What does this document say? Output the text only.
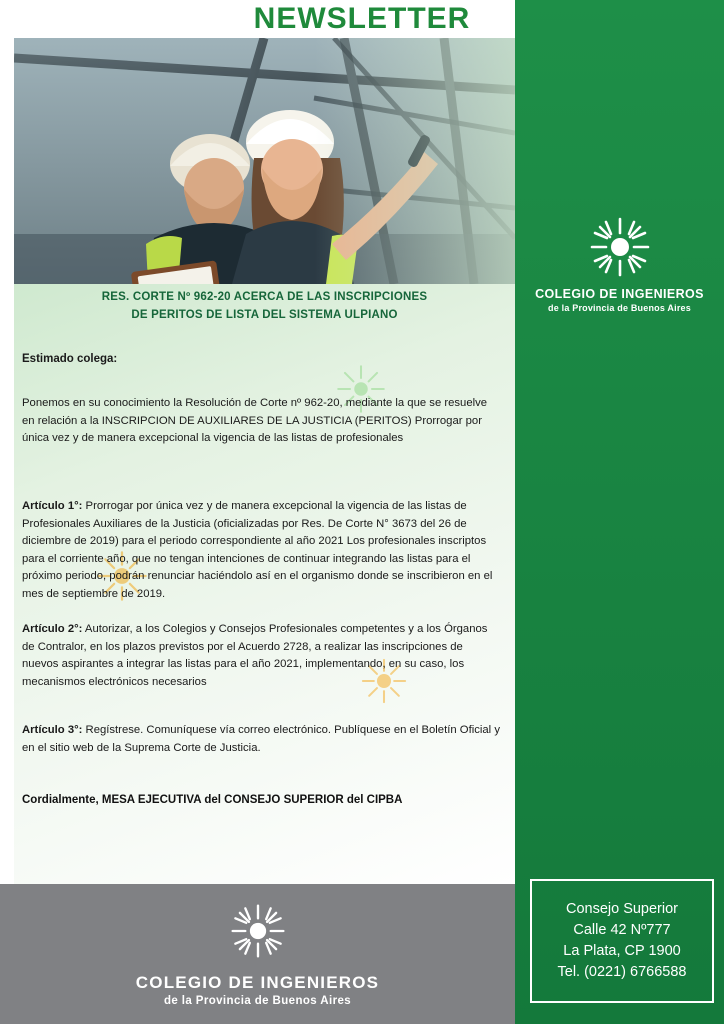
NEWSLETTER
COLEGIO DE INGENIEROS
de la Provincia de Buenos Aires
Consejo Superior
Calle 42 Nº777
La Plata, CP 1900
Tel. (0221) 6766588
RES. CORTE Nº 962-20 ACERCA DE LAS INSCRIPCIONES
DE PERITOS DE LISTA DEL SISTEMA ULPIANO
Estimado colega:

Ponemos en su conocimiento la Resolución de Corte nº 962-20, mediante la que se resuelve en relación a la INSCRIPCION DE AUXILIARES DE LA JUSTICIA (PERITOS) Prorrogar por única vez y de manera excepcional la vigencia de las listas de profesionales

Artículo 1°: Prorrogar por única vez y de manera excepcional la vigencia de las listas de Profesionales Auxiliares de la Justicia (oficializadas por Res. De Corte N° 3673 del 26 de diciembre de 2019) para el periodo correspondiente al año 2021 Los profesionales inscriptos para el corriente año, que no tengan intenciones de continuar integrando las listas para el próximo periodo, podrán renunciar haciéndolo así en el organismo donde se inscribieron en el mes de septiembre de 2019.

Artículo 2°: Autorizar, a los Colegios y Consejos Profesionales competentes y a los Órganos de Contralor, en los plazos previstos por el Acuerdo 2728, a realizar las inscripciones de nuevos aspirantes a integrar las listas para el año 2021, implementando, en su caso, los mecanismos electrónicos necesarios

Artículo 3°: Regístrese. Comuníquese vía correo electrónico. Publíquese en el Boletín Oficial y en el sitio web de la Suprema Corte de Justicia.

Cordialmente, MESA EJECUTIVA del CONSEJO SUPERIOR del CIPBA
COLEGIO DE INGENIEROS
de la Provincia de Buenos Aires
